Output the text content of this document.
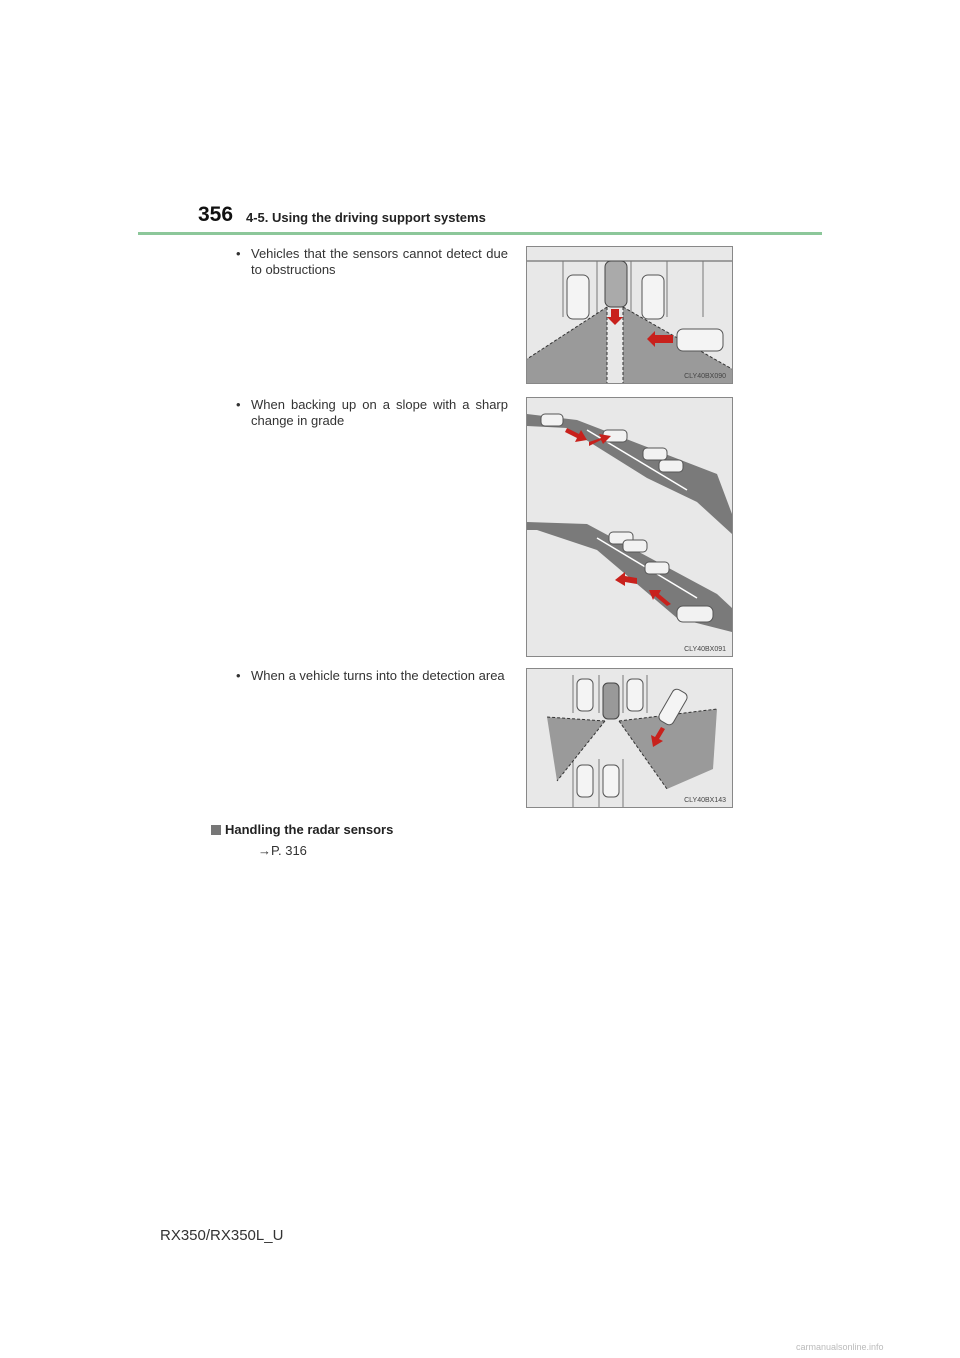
356 4-5. Using the driving support systems
• Vehicles that the sensors cannot detect due to obstructions
CLY40BX090
• When backing up on a slope with a sharp change in grade
CLY40BX091
• When a vehicle turns into the detection area
CLY40BX143
Handling the radar sensors
→P. 316
RX350/RX350L_U
carmanualsonline.info
